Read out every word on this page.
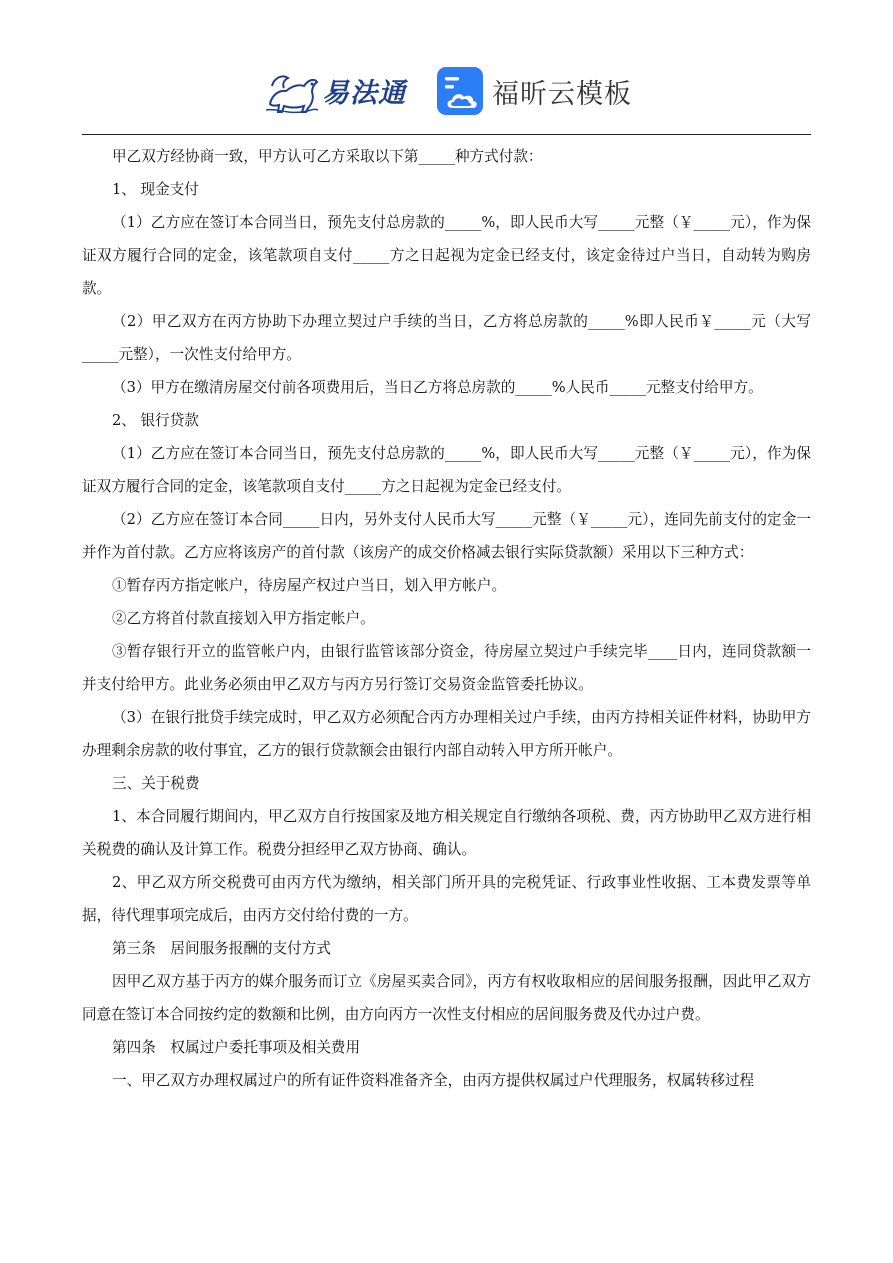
易法通	福昕云模板

甲乙双方经协商一致，甲方认可乙方采取以下第_____种方式付款：

1、 现金支付

（1）乙方应在签订本合同当日，预先支付总房款的_____%，即人民币大写_____元整（￥_____元），作为保证双方履行合同的定金，该笔款项自支付_____方之日起视为定金已经支付，该定金待过户当日，自动转为购房款。

（2）甲乙双方在丙方协助下办理立契过户手续的当日，乙方将总房款的_____%即人民币￥_____元（大写_____元整），一次性支付给甲方。

（3）甲方在缴清房屋交付前各项费用后，当日乙方将总房款的_____%人民币_____元整支付给甲方。

2、 银行贷款

（1）乙方应在签订本合同当日，预先支付总房款的_____%，即人民币大写_____元整（￥_____元），作为保证双方履行合同的定金，该笔款项自支付_____方之日起视为定金已经支付。

（2）乙方应在签订本合同_____日内，另外支付人民币大写_____元整（￥_____元），连同先前支付的定金一并作为首付款。乙方应将该房产的首付款（该房产的成交价格减去银行实际贷款额）采用以下三种方式：

①暂存丙方指定帐户，待房屋产权过户当日，划入甲方帐户。

②乙方将首付款直接划入甲方指定帐户。

③暂存银行开立的监管帐户内，由银行监管该部分资金，待房屋立契过户手续完毕____日内，连同贷款额一并支付给甲方。此业务必须由甲乙双方与丙方另行签订交易资金监管委托协议。

（3）在银行批贷手续完成时，甲乙双方必须配合丙方办理相关过户手续，由丙方持相关证件材料，协助甲方办理剩余房款的收付事宜，乙方的银行贷款额会由银行内部自动转入甲方所开帐户。

三、关于税费

1、本合同履行期间内，甲乙双方自行按国家及地方相关规定自行缴纳各项税、费，丙方协助甲乙双方进行相关税费的确认及计算工作。税费分担经甲乙双方协商、确认。

2、甲乙双方所交税费可由丙方代为缴纳，相关部门所开具的完税凭证、行政事业性收据、工本费发票等单据，待代理事项完成后，由丙方交付给付费的一方。

第三条　居间服务报酬的支付方式

因甲乙双方基于丙方的媒介服务而订立《房屋买卖合同》，丙方有权收取相应的居间服务报酬，因此甲乙双方同意在签订本合同按约定的数额和比例，由方向丙方一次性支付相应的居间服务费及代办过户费。

第四条　权属过户委托事项及相关费用

一、甲乙双方办理权属过户的所有证件资料准备齐全，由丙方提供权属过户代理服务，权属转移过程
